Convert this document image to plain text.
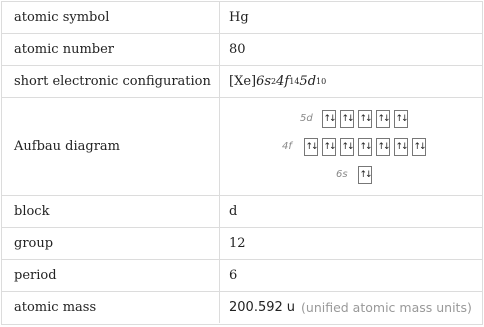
atomic symbol	Hg
atomic number	80
short electronic configuration	[Xe] 6s 2 4f 14 5d 10
Aufbau diagram
5d	↑↓ ↑↓ ↑↓ ↑↓ ↑↓
4f	↑↓ ↑↓ ↑↓ ↑↓ ↑↓ ↑↓ ↑↓
6s	↑↓
block	d
group	12
period	6
atomic mass	200.592 u (unified atomic mass units)
